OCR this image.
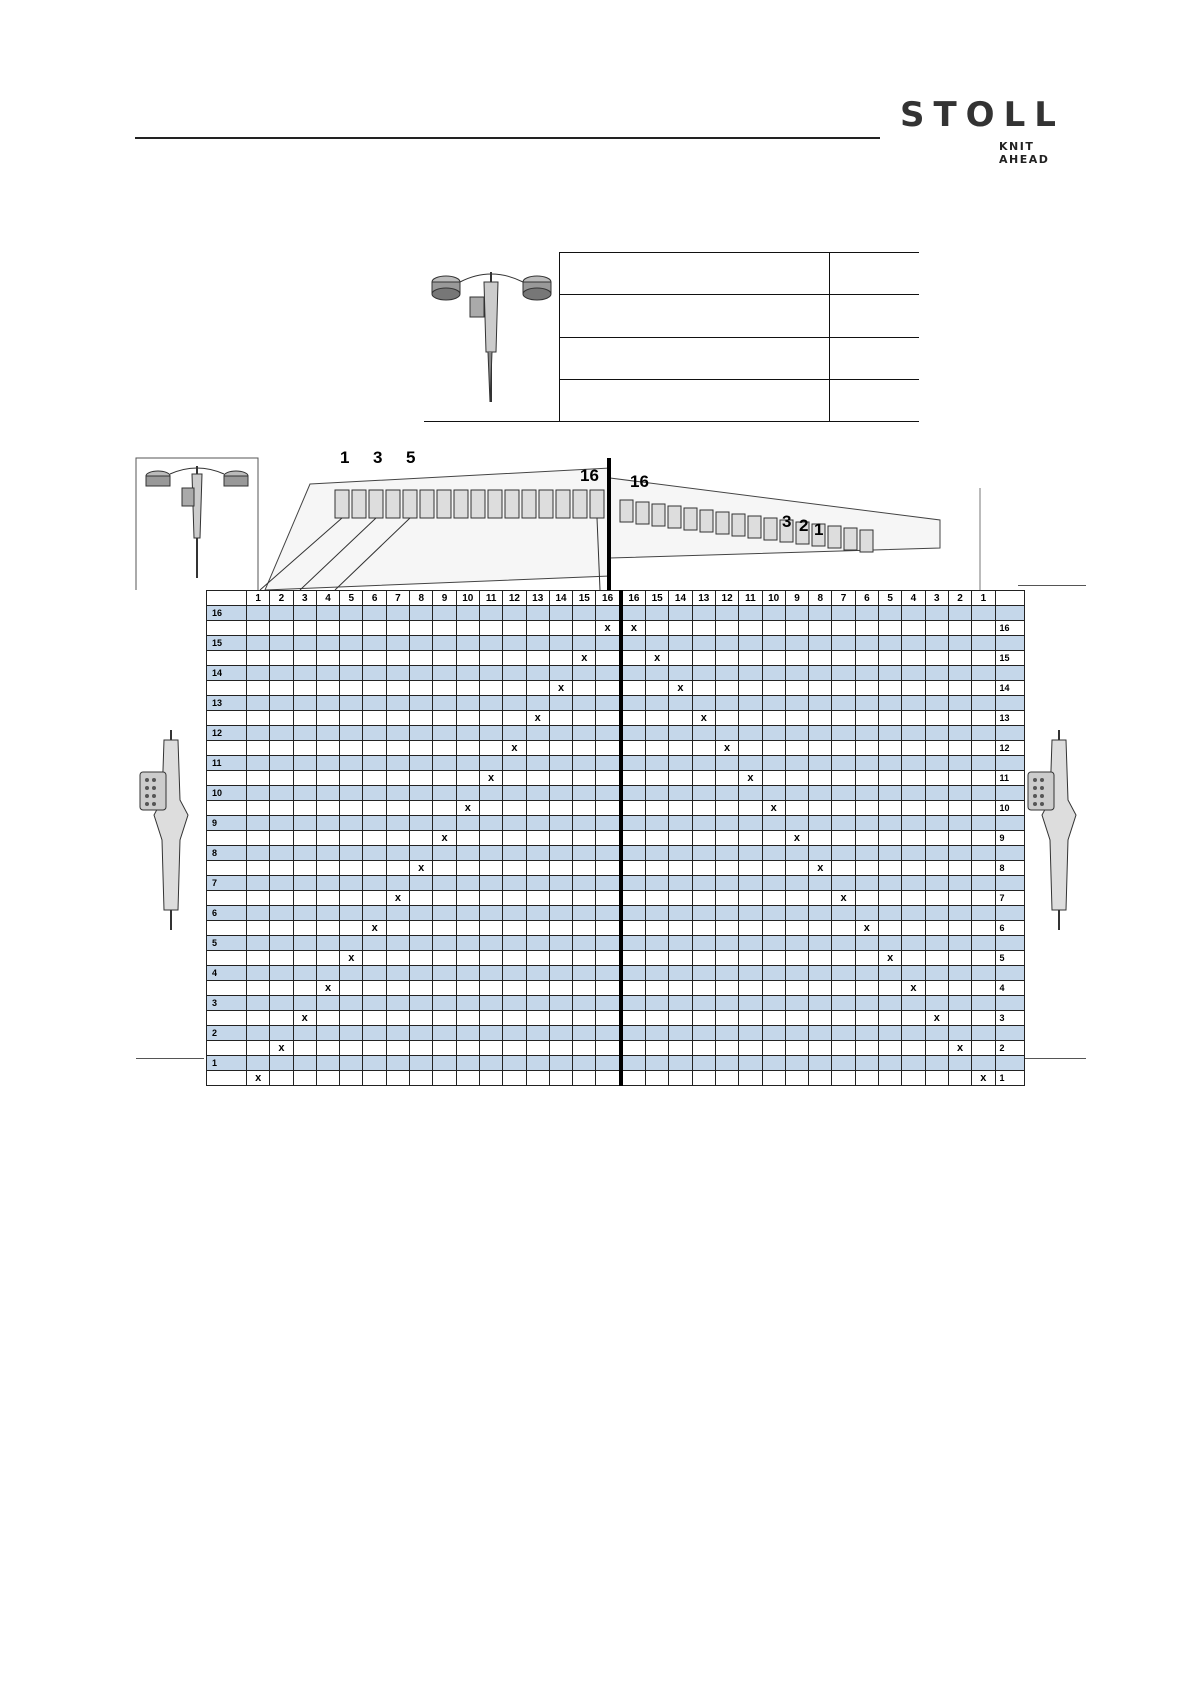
STOLL
KNIT AHEAD
1 3 5
16 16
3 2 1
	1	2	3	4	5	6	7	8	9	10	11	12	13	14	15	16	16	15	14	13	12	11	10	9	8	7	6	5	4	3	2	1	
16																																	
																x	x																16
15																																	
															x			x															15
14																																	
														x					x														14
13																																	
													x							x													13
12																																	
												x									x												12
11																																	
											x											x											11
10																																	
										x													x										10
9																																	
									x															x									9
8																																	
								x																	x								8
7																																	
							x																			x							7
6																																	
						x																					x						6
5																																	
					x																							x					5
4																																	
				x																									x				4
3																																	
			x																											x			3
2																																	
		x																													x		2
1																																	
	x																															x	1
